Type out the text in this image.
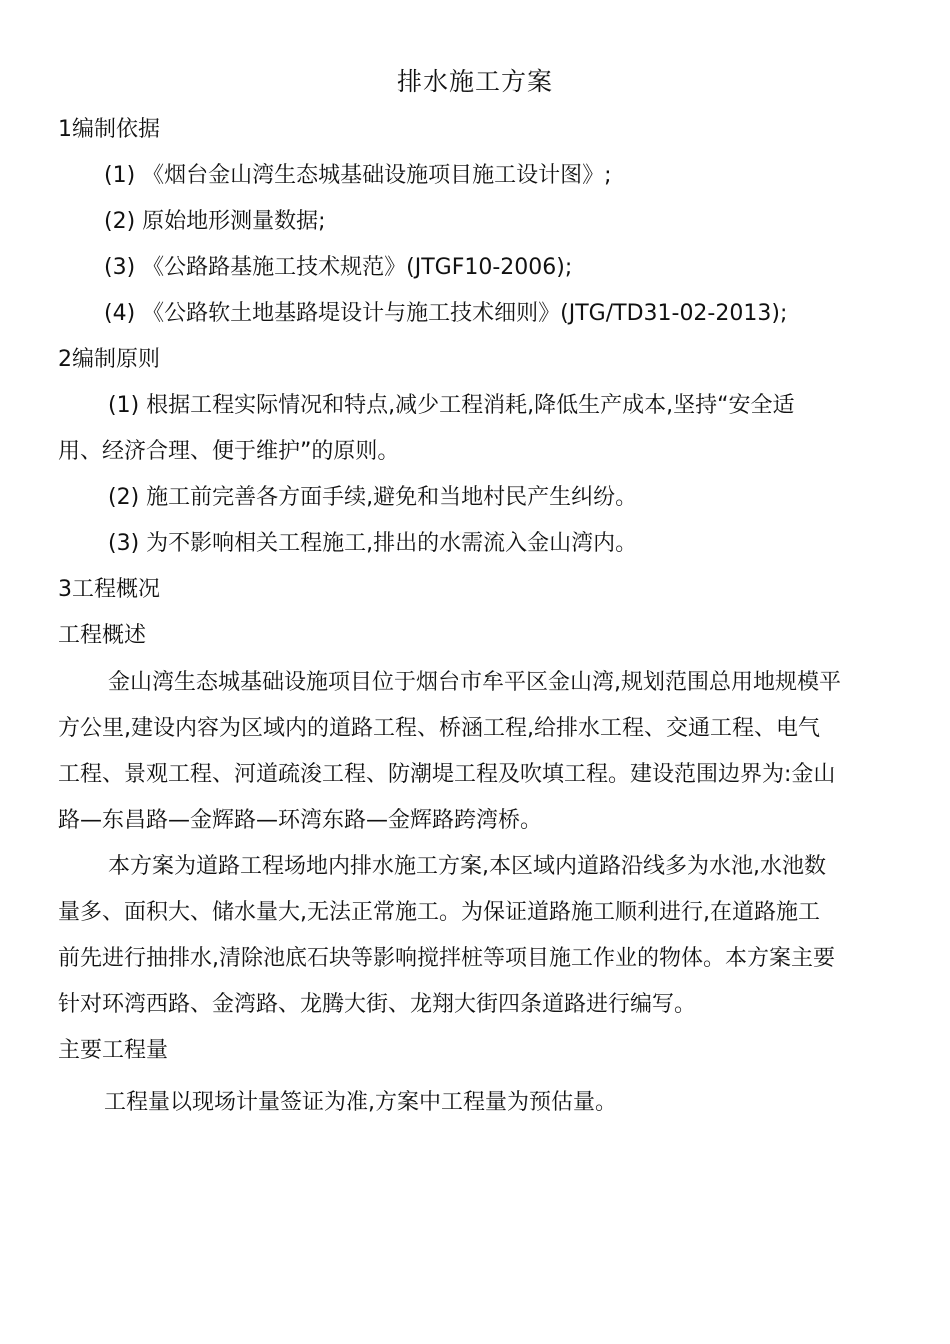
排水施工方案
1编制依据
(1) 《烟台金山湾生态城基础设施项目施工设计图》;
(2) 原始地形测量数据;
(3) 《公路路基施工技术规范》(JTGF10-2006);
(4) 《公路软土地基路堤设计与施工技术细则》(JTG/TD31-02-2013);
2编制原则
(1) 根据工程实际情况和特点,减少工程消耗,降低生产成本,坚持“安全适
用、经济合理、便于维护”的原则。
(2) 施工前完善各方面手续,避免和当地村民产生纠纷。
(3) 为不影响相关工程施工,排出的水需流入金山湾内。
3工程概况
工程概述
金山湾生态城基础设施项目位于烟台市牟平区金山湾,规划范围总用地规模平
方公里,建设内容为区域内的道路工程、桥涵工程,给排水工程、交通工程、电气
工程、景观工程、河道疏浚工程、防潮堤工程及吹填工程。建设范围边界为:金山
路—东昌路—金辉路—环湾东路—金辉路跨湾桥。
本方案为道路工程场地内排水施工方案,本区域内道路沿线多为水池,水池数
量多、面积大、储水量大,无法正常施工。为保证道路施工顺利进行,在道路施工
前先进行抽排水,清除池底石块等影响搅拌桩等项目施工作业的物体。本方案主要
针对环湾西路、金湾路、龙腾大街、龙翔大街四条道路进行编写。
主要工程量
工程量以现场计量签证为准,方案中工程量为预估量。
